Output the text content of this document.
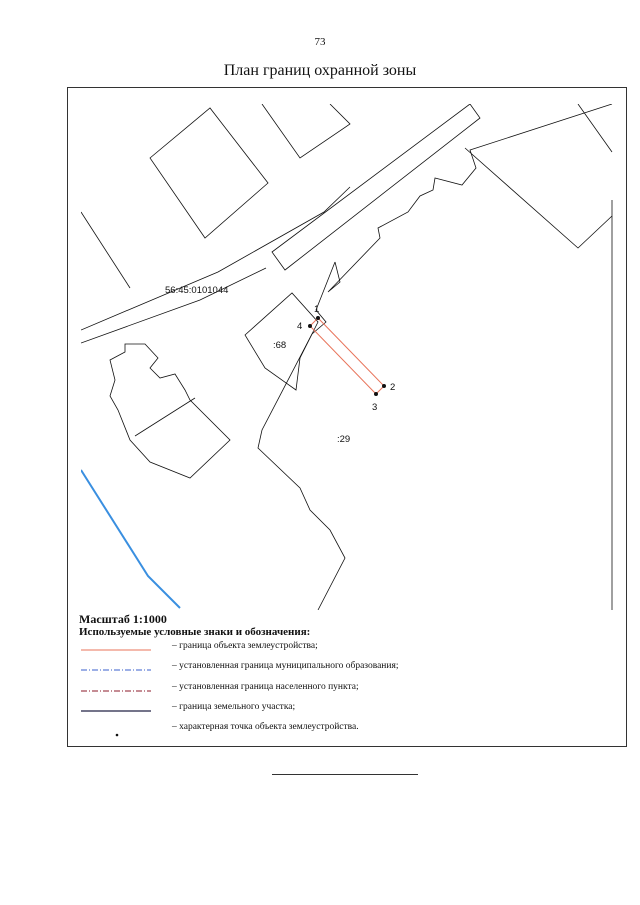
73
План границ охранной зоны
1
2
3
4
56:45:0101044
:68
:29
Масштаб 1:1000
Используемые условные знаки и обозначения:
– граница объекта землеустройства;
– установленная граница муниципального образования;
– установленная граница населенного пункта;
– граница земельного участка;
– характерная точка объекта землеустройства.
